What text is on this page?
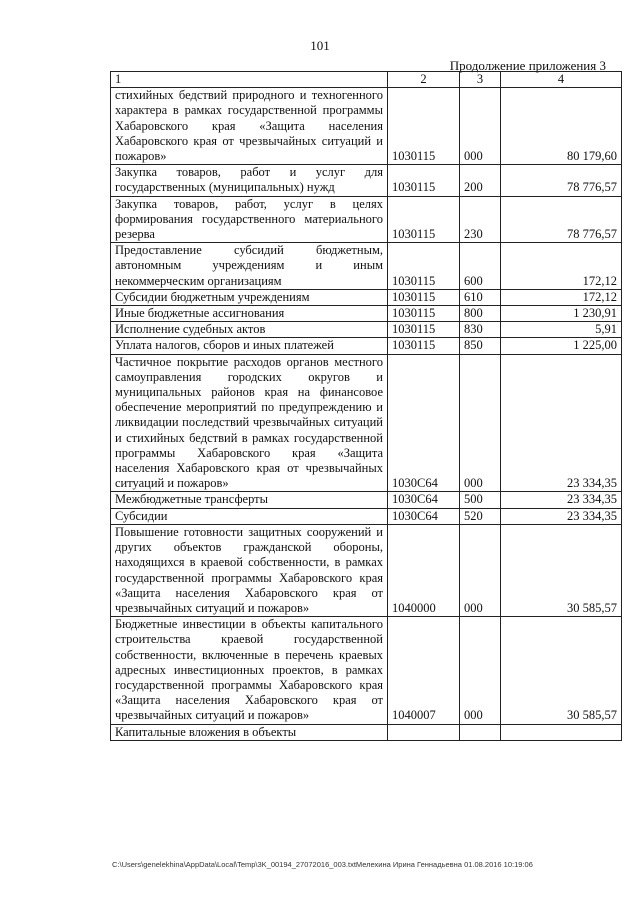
101
Продолжение приложения 3
1	2	3	4
стихийных бедствий природного и техногенного характера в рамках государственной программы Хабаровского края «Защита населения Хабаровского края от чрезвычайных ситуаций и пожаров»	1030115	000	80 179,60
Закупка товаров, работ и услуг для государственных (муниципальных) нужд	1030115	200	78 776,57
Закупка товаров, работ, услуг в целях формирования государственного материального резерва	1030115	230	78 776,57
Предоставление субсидий бюджетным, автономным учреждениям и иным некоммерческим организациям	1030115	600	172,12
Субсидии бюджетным учреждениям	1030115	610	172,12
Иные бюджетные ассигнования	1030115	800	1 230,91
Исполнение судебных актов	1030115	830	5,91
Уплата налогов, сборов и иных платежей	1030115	850	1 225,00
Частичное покрытие расходов органов местного самоуправления городских округов и муниципальных районов края на финансовое обеспечение мероприятий по предупреждению и ликвидации последствий чрезвычайных ситуаций и стихийных бедствий в рамках государственной программы Хабаровского края «Защита населения Хабаровского края от чрезвычайных ситуаций и пожаров»	1030С64	000	23 334,35
Межбюджетные трансферты	1030С64	500	23 334,35
Субсидии	1030С64	520	23 334,35
Повышение готовности защитных сооружений и других объектов гражданской обороны, находящихся в краевой собственности, в рамках государственной программы Хабаровского края «Защита населения Хабаровского края от чрезвычайных ситуаций и пожаров»	1040000	000	30 585,57
Бюджетные инвестиции в объекты капитального строительства краевой государственной собственности, включенные в перечень краевых адресных инвестиционных проектов, в рамках государственной программы Хабаровского края «Защита населения Хабаровского края от чрезвычайных ситуаций и пожаров»	1040007	000	30 585,57
Капитальные вложения в объекты			
C:\Users\genelekhina\AppData\Local\Temp\3K_00194_27072016_003.txtМелехина Ирина Геннадьевна 01.08.2016 10:19:06
